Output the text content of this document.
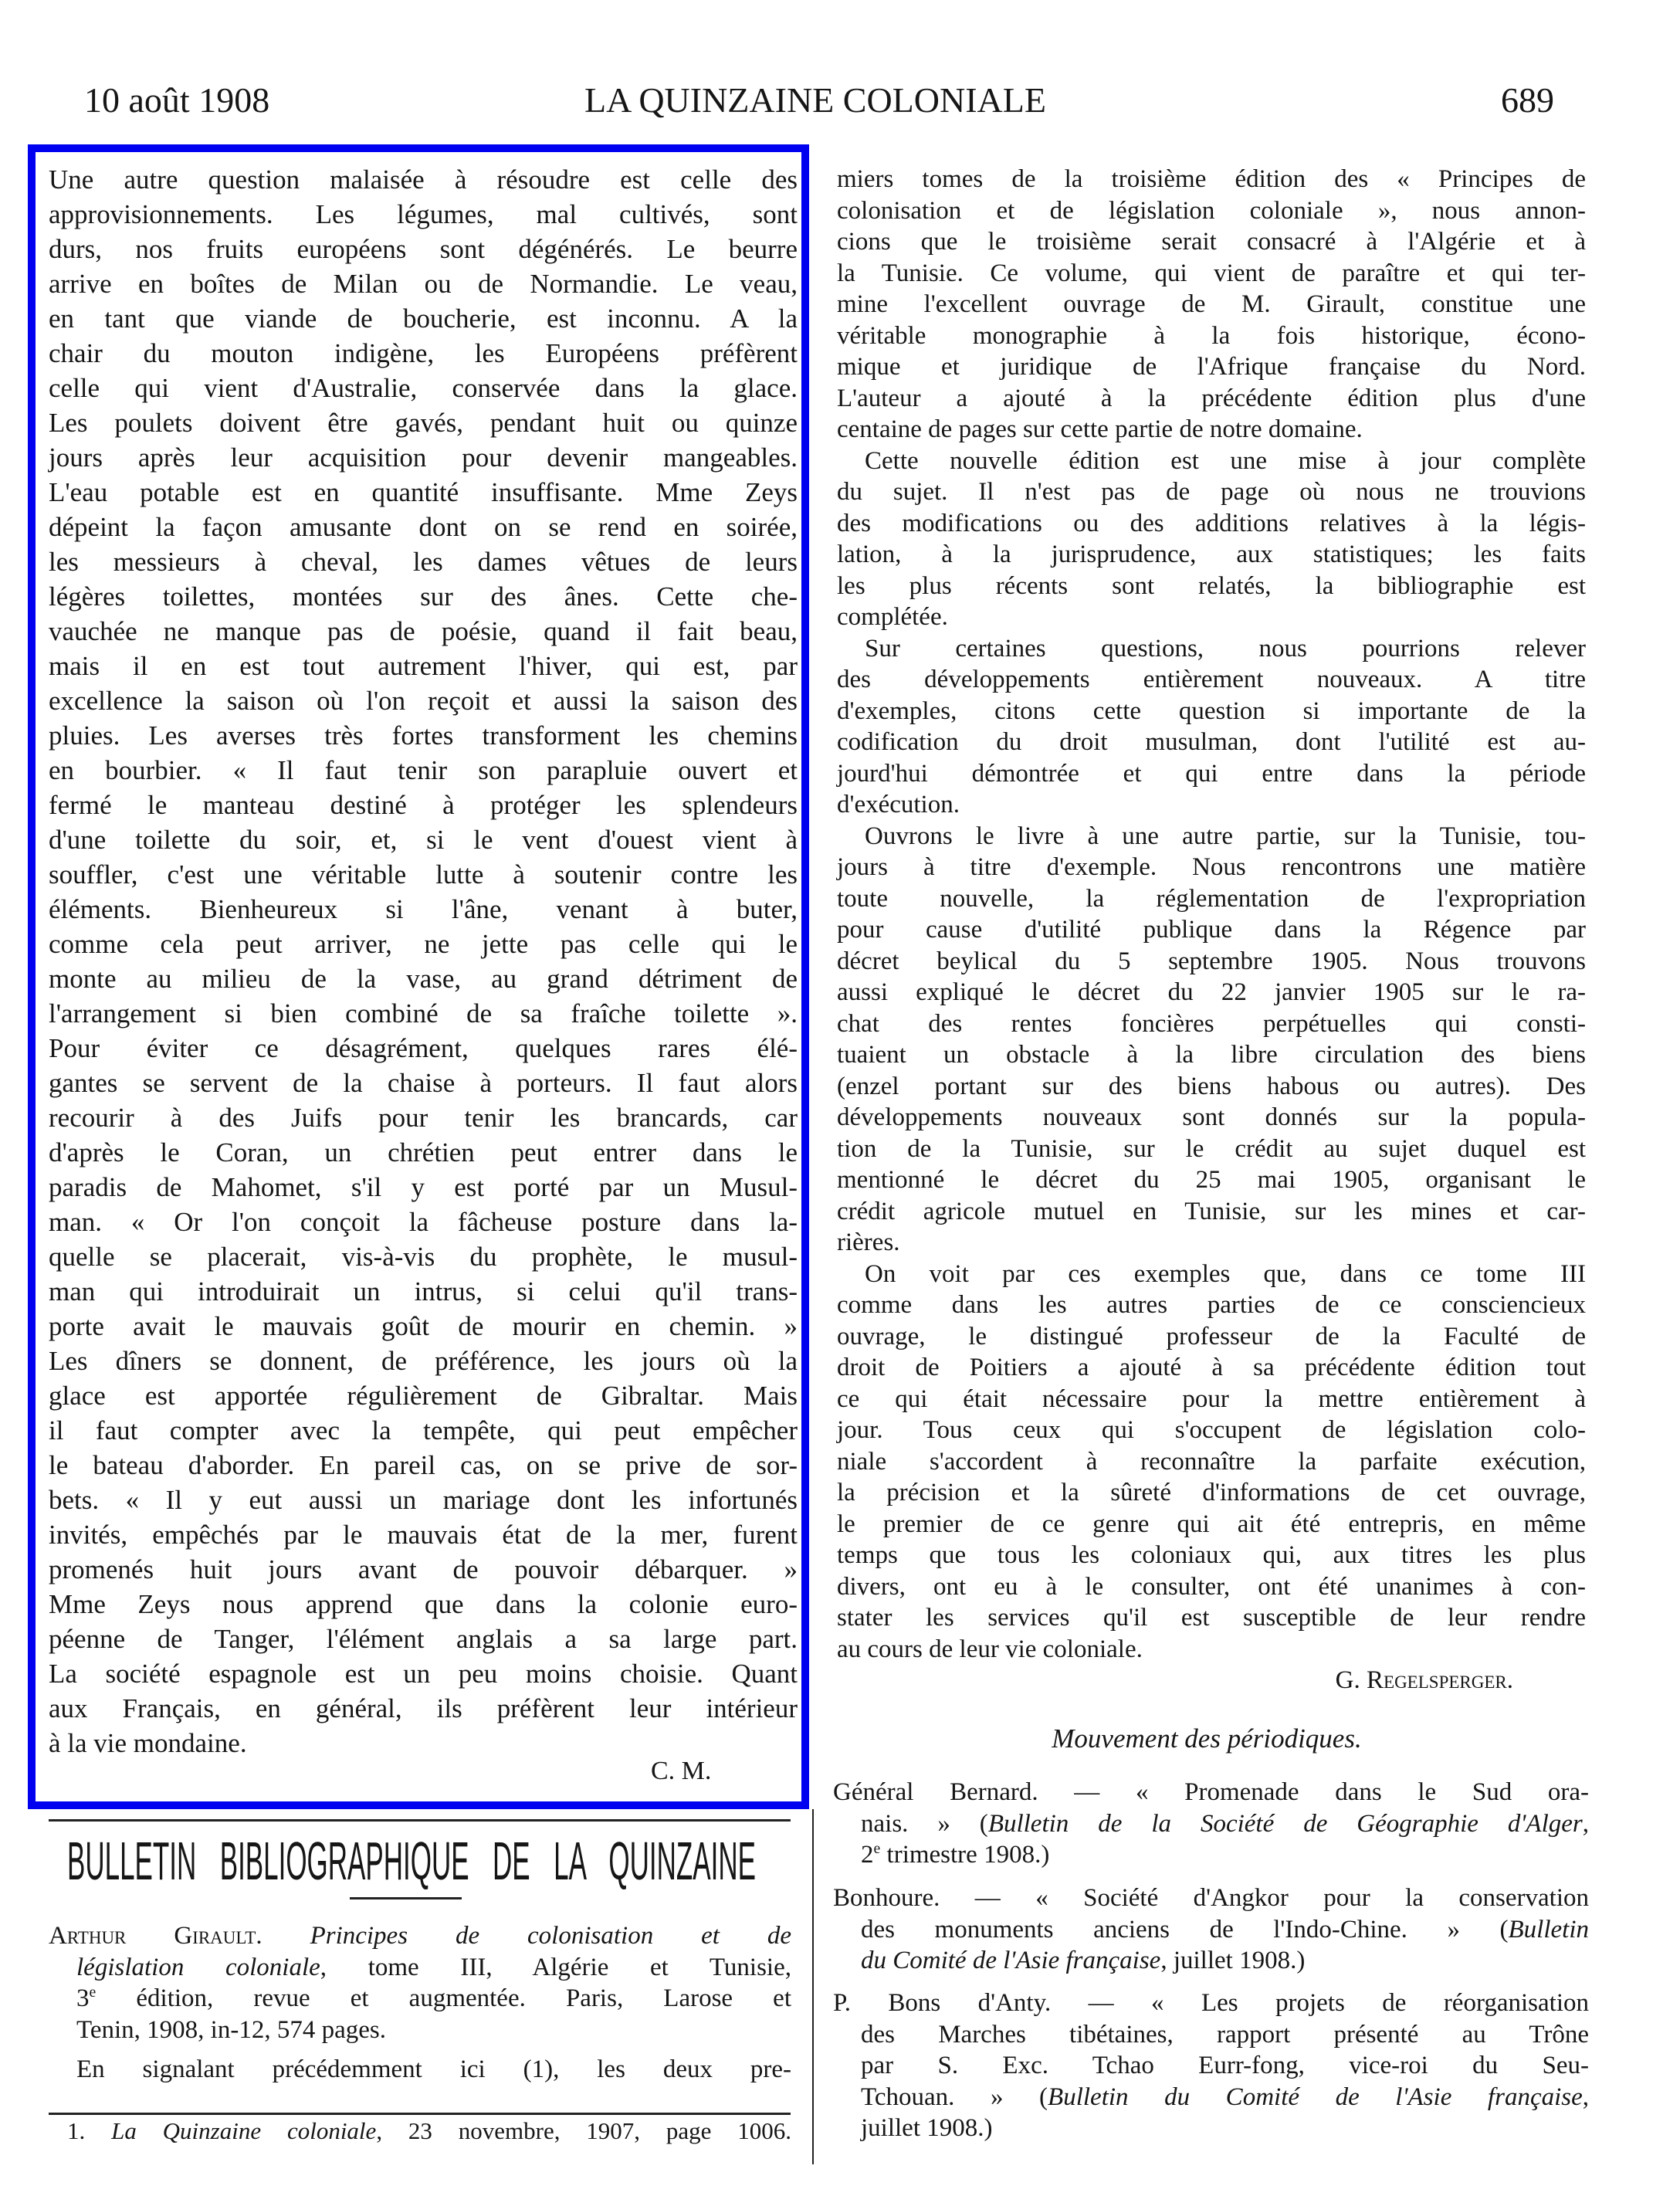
10 août 1908	LA QUINZAINE COLONIALE	689
Une autre question malaisée à résoudre est celle des
approvisionnements. Les légumes, mal cultivés, sont
durs, nos fruits européens sont dégénérés. Le beurre
arrive en boîtes de Milan ou de Normandie. Le veau,
en tant que viande de boucherie, est inconnu. A la
chair du mouton indigène, les Européens préfèrent
celle qui vient d'Australie, conservée dans la glace.
Les poulets doivent être gavés, pendant huit ou quinze
jours après leur acquisition pour devenir mangeables.
L'eau potable est en quantité insuffisante. Mme Zeys
dépeint la façon amusante dont on se rend en soirée,
les messieurs à cheval, les dames vêtues de leurs
légères toilettes, montées sur des ânes. Cette che-
vauchée ne manque pas de poésie, quand il fait beau,
mais il en est tout autrement l'hiver, qui est, par
excellence la saison où l'on reçoit et aussi la saison des
pluies. Les averses très fortes transforment les chemins
en bourbier. « Il faut tenir son parapluie ouvert et
fermé le manteau destiné à protéger les splendeurs
d'une toilette du soir, et, si le vent d'ouest vient à
souffler, c'est une véritable lutte à soutenir contre les
éléments. Bienheureux si l'âne, venant à buter,
comme cela peut arriver, ne jette pas celle qui le
monte au milieu de la vase, au grand détriment de
l'arrangement si bien combiné de sa fraîche toilette ».
Pour éviter ce désagrément, quelques rares élé-
gantes se servent de la chaise à porteurs. Il faut alors
recourir à des Juifs pour tenir les brancards, car
d'après le Coran, un chrétien peut entrer dans le
paradis de Mahomet, s'il y est porté par un Musul-
man. « Or l'on conçoit la fâcheuse posture dans la-
quelle se placerait, vis-à-vis du prophète, le musul-
man qui introduirait un intrus, si celui qu'il trans-
porte avait le mauvais goût de mourir en chemin. »
Les dîners se donnent, de préférence, les jours où la
glace est apportée régulièrement de Gibraltar. Mais
il faut compter avec la tempête, qui peut empêcher
le bateau d'aborder. En pareil cas, on se prive de sor-
bets. « Il y eut aussi un mariage dont les infortunés
invités, empêchés par le mauvais état de la mer, furent
promenés huit jours avant de pouvoir débarquer. »
Mme Zeys nous apprend que dans la colonie euro-
péenne de Tanger, l'élément anglais a sa large part.
La société espagnole est un peu moins choisie. Quant
aux Français, en général, ils préfèrent leur intérieur
à la vie mondaine.
C. M.
BULLETIN BIBLIOGRAPHIQUE DE LA QUINZAINE
Arthur Girault. Principes de colonisation et de
législation coloniale, tome III, Algérie et Tunisie,
3e édition, revue et augmentée. Paris, Larose et
Tenin, 1908, in-12, 574 pages.
En signalant précédemment ici (1), les deux pre-
1. La Quinzaine coloniale, 23 novembre, 1907, page 1006.
miers tomes de la troisième édition des « Principes de
colonisation et de législation coloniale », nous annon-
cions que le troisième serait consacré à l'Algérie et à
la Tunisie. Ce volume, qui vient de paraître et qui ter-
mine l'excellent ouvrage de M. Girault, constitue une
véritable monographie à la fois historique, écono-
mique et juridique de l'Afrique française du Nord.
L'auteur a ajouté à la précédente édition plus d'une
centaine de pages sur cette partie de notre domaine.
Cette nouvelle édition est une mise à jour complète
du sujet. Il n'est pas de page où nous ne trouvions
des modifications ou des additions relatives à la légis-
lation, à la jurisprudence, aux statistiques; les faits
les plus récents sont relatés, la bibliographie est
complétée.
Sur certaines questions, nous pourrions relever
des développements entièrement nouveaux. A titre
d'exemples, citons cette question si importante de la
codification du droit musulman, dont l'utilité est au-
jourd'hui démontrée et qui entre dans la période
d'exécution.
Ouvrons le livre à une autre partie, sur la Tunisie, tou-
jours à titre d'exemple. Nous rencontrons une matière
toute nouvelle, la réglementation de l'expropriation
pour cause d'utilité publique dans la Régence par
décret beylical du 5 septembre 1905. Nous trouvons
aussi expliqué le décret du 22 janvier 1905 sur le ra-
chat des rentes foncières perpétuelles qui consti-
tuaient un obstacle à la libre circulation des biens
(enzel portant sur des biens habous ou autres). Des
développements nouveaux sont donnés sur la popula-
tion de la Tunisie, sur le crédit au sujet duquel est
mentionné le décret du 25 mai 1905, organisant le
crédit agricole mutuel en Tunisie, sur les mines et car-
rières.
On voit par ces exemples que, dans ce tome III
comme dans les autres parties de ce consciencieux
ouvrage, le distingué professeur de la Faculté de
droit de Poitiers a ajouté à sa précédente édition tout
ce qui était nécessaire pour la mettre entièrement à
jour. Tous ceux qui s'occupent de législation colo-
niale s'accordent à reconnaître la parfaite exécution,
la précision et la sûreté d'informations de cet ouvrage,
le premier de ce genre qui ait été entrepris, en même
temps que tous les coloniaux qui, aux titres les plus
divers, ont eu à le consulter, ont été unanimes à con-
stater les services qu'il est susceptible de leur rendre
au cours de leur vie coloniale.
G. Regelsperger.
Mouvement des périodiques.
Général Bernard. — « Promenade dans le Sud ora-
nais. » (Bulletin de la Société de Géographie d'Alger,
2e trimestre 1908.)
Bonhoure. — « Société d'Angkor pour la conservation
des monuments anciens de l'Indo-Chine. » (Bulletin
du Comité de l'Asie française, juillet 1908.)
P. Bons d'Anty. — « Les projets de réorganisation
des Marches tibétaines, rapport présenté au Trône
par S. Exc. Tchao Eurr-fong, vice-roi du Seu-
Tchouan. » (Bulletin du Comité de l'Asie française,
juillet 1908.)
